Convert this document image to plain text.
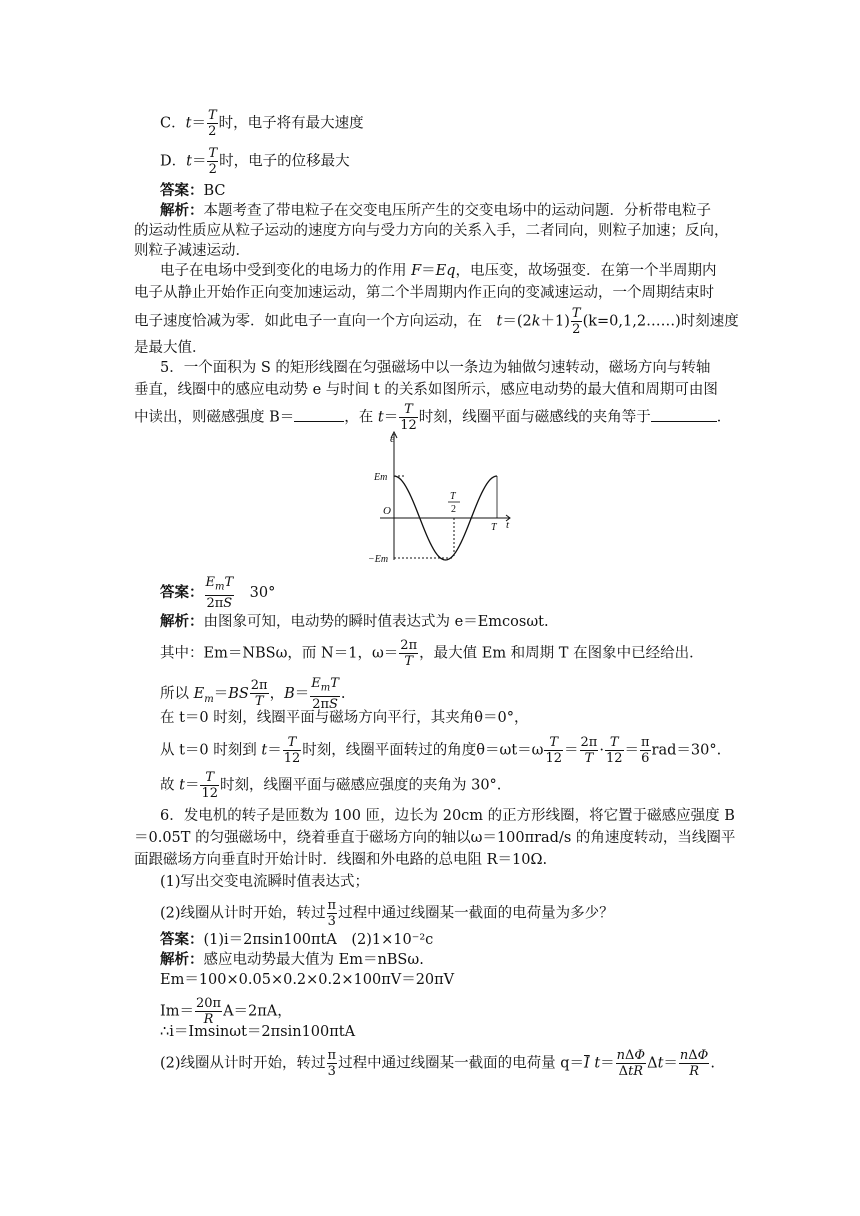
C．$t= \frac{T}{2}$ 时，电子将有最大速度
D．$t= \frac{T}{2}$ 时，电子的位移最大
答案：BC
解析：本题考查了带电粒子在交变电压所产生的交变电场中的运动问题．分析带电粒子
的运动性质应从粒子运动的速度方向与受力方向的关系入手，二者同向，则粒子加速；反向，
则粒子减速运动．
电子在电场中受到变化的电场力的作用 F＝Eq，电压变，故场强变．在第一个半周期内
电子从静止开始作正向变加速运动，第二个半周期内作正向的变减速运动，一个周期结束时
电子速度恰减为零．如此电子一直向一个方向运动，在　 $t=(2k+1) \frac{T}{2}$ (k=0,1,2……)时刻速度
是最大值．
5．一个面积为 S 的矩形线圈在匀强磁场中以一条边为轴做匀速转动，磁场方向与转轴
垂直，线圈中的感应电动势 e 与时间 t 的关系如图所示，感应电动势的最大值和周期可由图
中读出，则磁感强度 B＝	，在 $t= \frac{T}{12}$ 时刻，线圈平面与磁感线的夹角等于	．
e
t
O
Em
−Em
T
2
T
答案： $\frac{E_mT}{2\pi S}$
　 30°
解析：由图象可知，电动势的瞬时值表达式为 e＝Emcosωt.
其中：Em＝NBSω，而 N＝1，$\omega= \frac{2\pi}{T}$ ，最大值 Em 和周期 T 在图象中已经给出．
所以 $E_m=BS \frac{2\pi}{T}$ ，$B= \frac{E_mT}{2\pi S}$ .
在 t＝0 时刻，线圈平面与磁场方向平行，其夹角θ＝0°，
从 t＝0 时刻到 $t= \frac{T}{12}$ 时刻，线圈平面转过的角度$\theta=\omega t=\omega \frac{T}{12} = \frac{2\pi}{T} \cdot \frac{T}{12} = \frac{\pi}{6} rad=30^\circ$.
故 $t= \frac{T}{12}$ 时刻，线圈平面与磁感应强度的夹角为 30°.
6．发电机的转子是匝数为 100 匝，边长为 20cm 的正方形线圈，将它置于磁感应强度 B
＝0.05T 的匀强磁场中，绕着垂直于磁场方向的轴以ω＝100πrad/s 的角速度转动，当线圈平
面跟磁场方向垂直时开始计时．线圈和外电路的总电阻 R＝10Ω.
(1)写出交变电流瞬时值表达式；
(2)线圈从计时开始，转过 $\frac{\pi}{3}$ 过程中通过线圈某一截面的电荷量为多少？
答案：(1)i＝2πsin100πtA　(2)1×10⁻²c
解析：感应电动势最大值为 Em＝nBSω.
Em＝100×0.05×0.2×0.2×100πV＝20πV
$Im= \frac{20\pi}{R} A=2\pi A$，
∴i＝Imsinωt＝2πsin100πtA
(2)线圈从计时开始，转过 $\frac{\pi}{3}$ 过程中通过线圈某一截面的电荷量 $q=\overline{I}$ $t= \frac{\text{nΔΦ}}{\text{ΔtR}} \Delta t= \frac{\text{nΔΦ}}{R}$ .
